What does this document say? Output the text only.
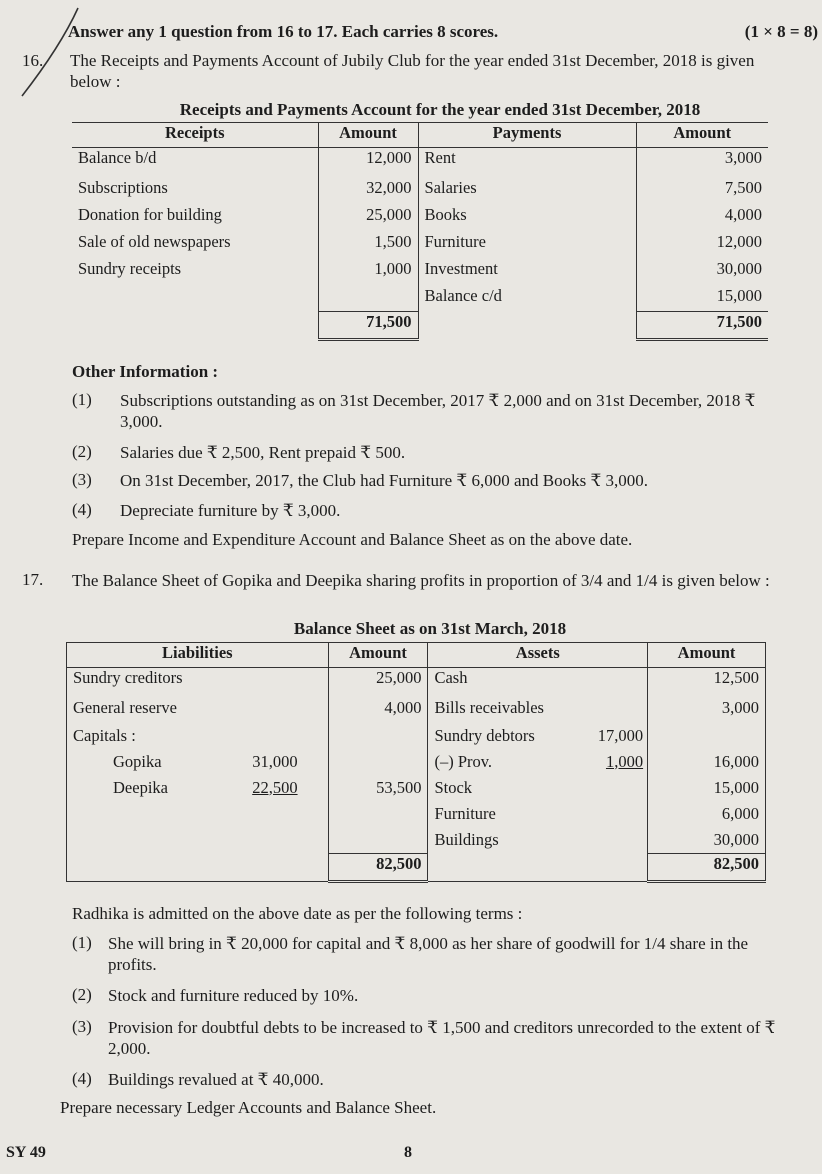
Answer any 1 question from 16 to 17. Each carries 8 scores.	(1 × 8 = 8)
16. The Receipts and Payments Account of Jubily Club for the year ended 31st December, 2018 is given below :
Receipts and Payments Account for the year ended 31st December, 2018
Receipts	Amount	Payments	Amount
Balance b/d	12,000	Rent	3,000
Subscriptions	32,000	Salaries	7,500
Donation for building	25,000	Books	4,000
Sale of old newspapers	1,500	Furniture	12,000
Sundry receipts	1,000	Investment	30,000
		Balance c/d	15,000
	71,500		71,500
Other Information :
(1) Subscriptions outstanding as on 31st December, 2017 ₹ 2,000 and on 31st December, 2018 ₹ 3,000.
(2) Salaries due ₹ 2,500, Rent prepaid ₹ 500.
(3) On 31st December, 2017, the Club had Furniture ₹ 6,000 and Books ₹ 3,000.
(4) Depreciate furniture by ₹ 3,000.
Prepare Income and Expenditure Account and Balance Sheet as on the above date.
17. The Balance Sheet of Gopika and Deepika sharing profits in proportion of 3/4 and 1/4 is given below :
Balance Sheet as on 31st March, 2018
Liabilities	Amount	Assets	Amount
Sundry creditors	25,000	Cash	12,500
General reserve	4,000	Bills receivables	3,000
Capitals :		Sundry debtors 17,000	

Gopika 31,000		(–) Prov. 1,000	16,000
Deepika 22,500	53,500	Stock	15,000
		Furniture	6,000
		Buildings	30,000
	82,500		82,500
Radhika is admitted on the above date as per the following terms :
(1) She will bring in ₹ 20,000 for capital and ₹ 8,000 as her share of goodwill for 1/4 share in the profits.
(2) Stock and furniture reduced by 10%.
(3) Provision for doubtful debts to be increased to ₹ 1,500 and creditors unrecorded to the extent of ₹ 2,000.
(4) Buildings revalued at ₹ 40,000.
Prepare necessary Ledger Accounts and Balance Sheet.
SY 49	8
